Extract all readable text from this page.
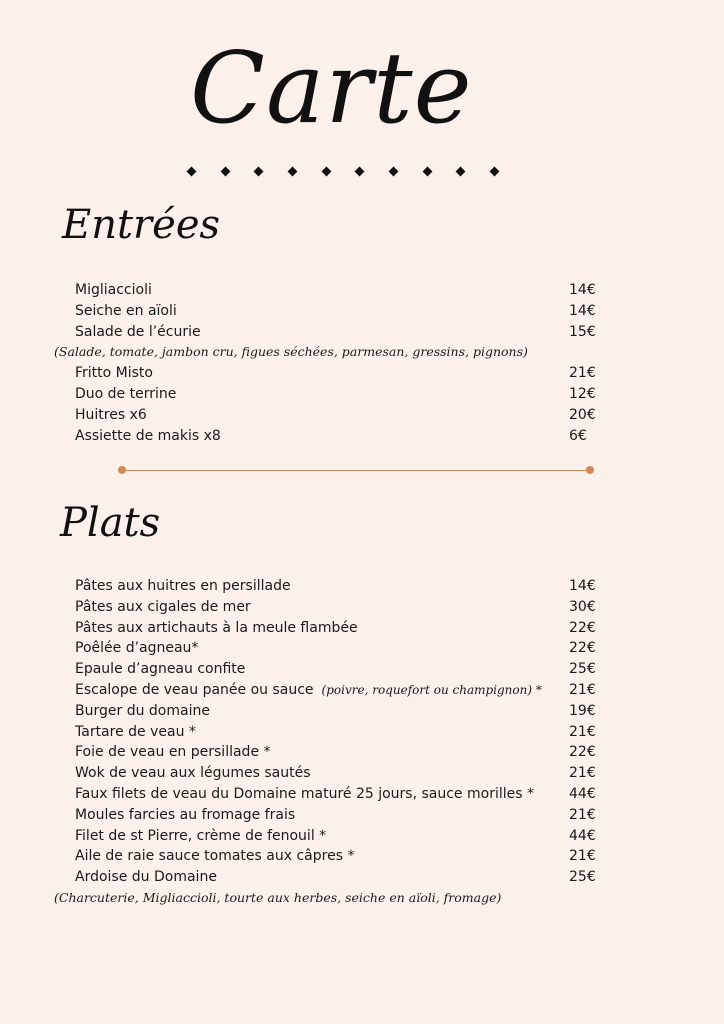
Carte
Entrées
Migliaccioli	14€
Seiche en aïoli	14€
Salade de l’écurie	15€
(Salade, tomate, jambon cru, figues séchées, parmesan, gressins, pignons)
Fritto Misto	21€
Duo de terrine	12€
Huitres x6	20€
Assiette de makis x8	6€
Plats
Pâtes aux huitres en persillade	14€
Pâtes aux cigales de mer	30€
Pâtes aux artichauts à la meule flambée	22€
Poêlée d’agneau*	22€
Epaule d’agneau confite	25€
Escalope de veau panée ou sauce (poivre, roquefort ou champignon) * 21€
Burger du domaine	19€
Tartare de veau *	21€
Foie de veau en persillade *	22€
Wok de veau aux légumes sautés	21€
Faux filets de veau du Domaine maturé 25 jours, sauce morilles *	44€
Moules farcies au fromage frais	21€
Filet de st Pierre, crème de fenouil *	44€
Aile de raie sauce tomates aux câpres *	21€
Ardoise du Domaine	25€
(Charcuterie, Migliaccioli, tourte aux herbes, seiche en aïoli, fromage)
